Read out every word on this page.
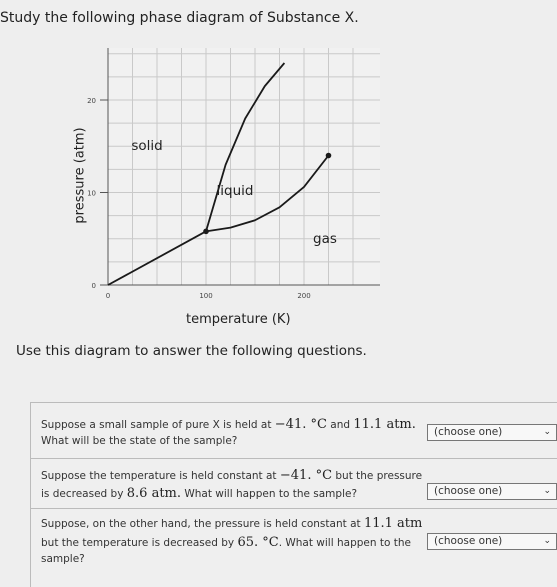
Study the following phase diagram of Substance X.
0	100	200
0
10
20
solid
liquid
gas
pressure (atm)
temperature (K)
Use this diagram to answer the following questions.
Suppose a small sample of pure X is held at −41. °C and 11.1 atm.
What will be the state of the sample?
(choose one)	⌄
Suppose the temperature is held constant at −41. °C but the pressure
is decreased by 8.6 atm. What will happen to the sample?	(choose one)	⌄
Suppose, on the other hand, the pressure is held constant at 11.1 atm
but the temperature is decreased by 65. °C. What will happen to the
sample?
(choose one)	⌄
